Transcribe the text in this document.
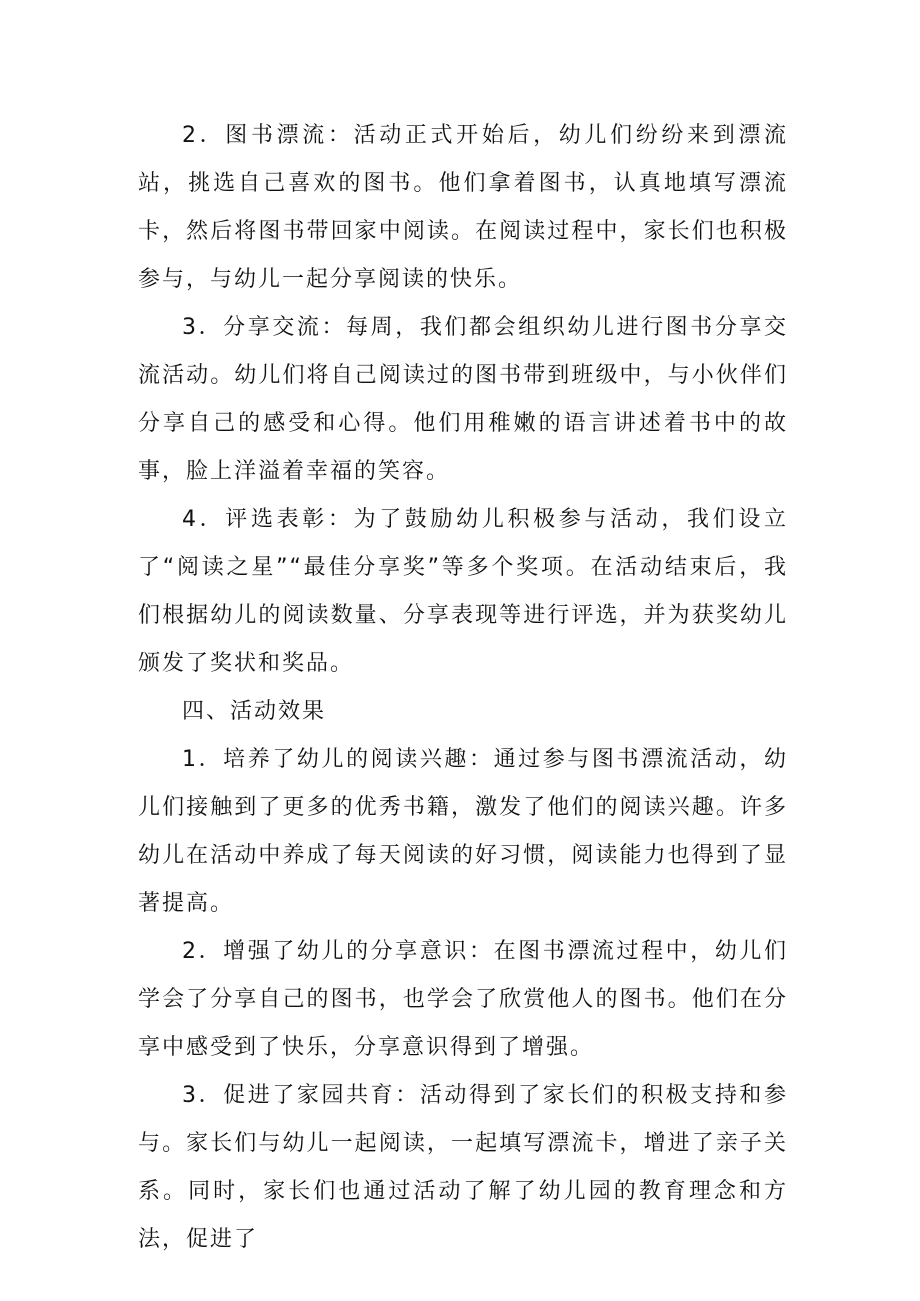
2．图书漂流：活动正式开始后，幼儿们纷纷来到漂流站，挑选自己喜欢的图书。他们拿着图书，认真地填写漂流卡，然后将图书带回家中阅读。在阅读过程中，家长们也积极参与，与幼儿一起分享阅读的快乐。

3．分享交流：每周，我们都会组织幼儿进行图书分享交流活动。幼儿们将自己阅读过的图书带到班级中，与小伙伴们分享自己的感受和心得。他们用稚嫩的语言讲述着书中的故事，脸上洋溢着幸福的笑容。

4．评选表彰：为了鼓励幼儿积极参与活动，我们设立了“阅读之星”“最佳分享奖”等多个奖项。在活动结束后，我们根据幼儿的阅读数量、分享表现等进行评选，并为获奖幼儿颁发了奖状和奖品。

四、活动效果

1．培养了幼儿的阅读兴趣：通过参与图书漂流活动，幼儿们接触到了更多的优秀书籍，激发了他们的阅读兴趣。许多幼儿在活动中养成了每天阅读的好习惯，阅读能力也得到了显著提高。

2．增强了幼儿的分享意识：在图书漂流过程中，幼儿们学会了分享自己的图书，也学会了欣赏他人的图书。他们在分享中感受到了快乐，分享意识得到了增强。

3．促进了家园共育：活动得到了家长们的积极支持和参与。家长们与幼儿一起阅读，一起填写漂流卡，增进了亲子关系。同时，家长们也通过活动了解了幼儿园的教育理念和方法，促进了
